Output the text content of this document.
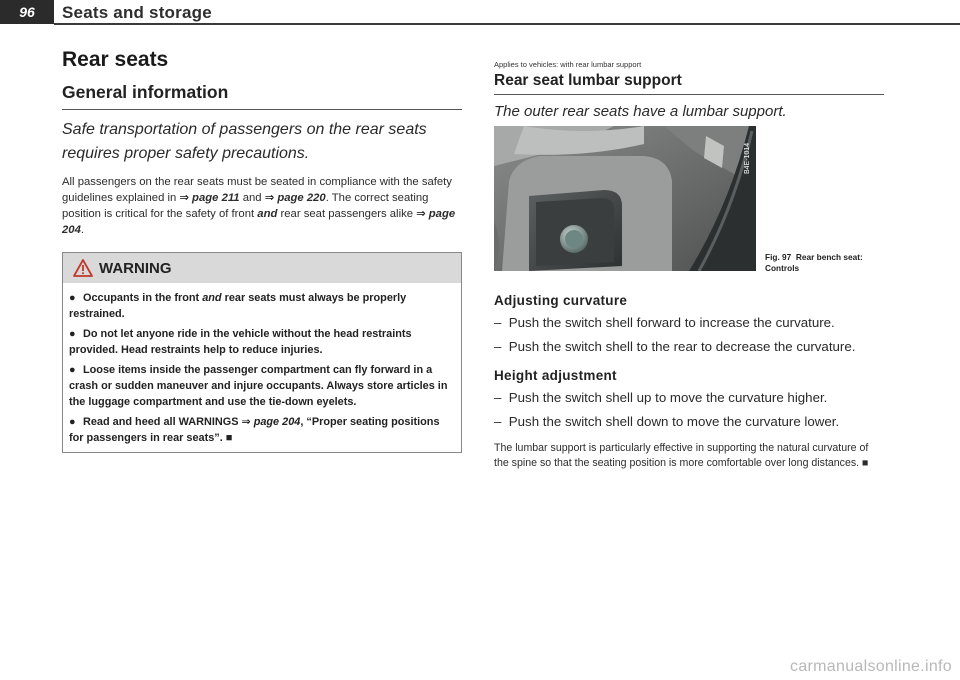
96	Seats and storage
Rear seats
General information
Safe transportation of passengers on the rear seats requires proper safety precautions.

All passengers on the rear seats must be seated in compliance with the safety guidelines explained in ⇒ page 211 and ⇒ page 220. The correct seating position is critical for the safety of front and rear seat passengers alike ⇒ page 204.

WARNING

● Occupants in the front and rear seats must always be properly restrained.

● Do not let anyone ride in the vehicle without the head restraints provided. Head restraints help to reduce injuries.

● Loose items inside the passenger compartment can fly forward in a crash or sudden maneuver and injure occupants. Always store articles in the luggage compartment and use the tie-down eyelets.

● Read and heed all WARNINGS ⇒ page 204, “Proper seating positions for passengers in rear seats”. ■

Applies to vehicles: with rear lumbar support
Rear seat lumbar support
The outer rear seats have a lumbar support.
B4E-1014
Fig. 97 Rear bench seat: Controls
Adjusting curvature
–  Push the switch shell forward to increase the curvature.
–  Push the switch shell to the rear to decrease the curvature.
Height adjustment
–  Push the switch shell up to move the curvature higher.
–  Push the switch shell down to move the curvature lower.

The lumbar support is particularly effective in supporting the natural curvature of the spine so that the seating position is more comfortable over long distances. ■

carmanualsonline.info
